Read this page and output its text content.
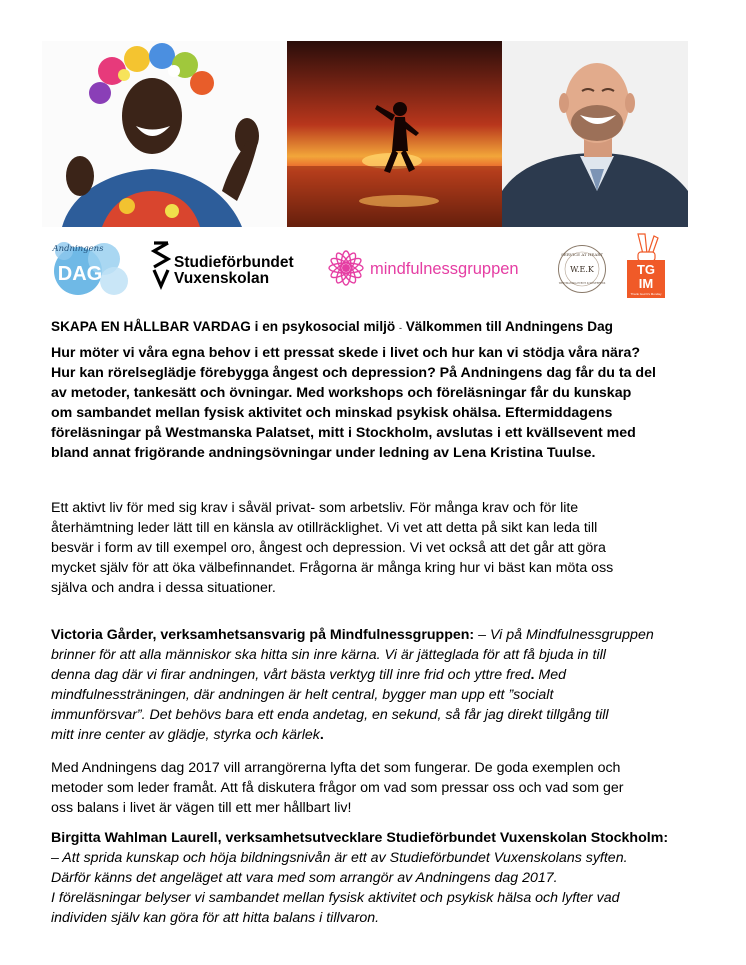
Andningens
DAG
Studieförbundet
Vuxenskolan
mindfulnessgruppen
SERVICE AT HEART
W.E.K
WESTMANSKA EVENT & KONFERENS
TG
IM
Thank God It's Monday
SKAPA EN HÅLLBAR VARDAG i en psykosocial miljö - Välkommen till Andningens Dag
Hur möter vi våra egna behov i ett pressat skede i livet och hur kan vi stödja våra nära?
Hur kan rörelseglädje förebygga ångest och depression? På Andningens dag får du ta del
av metoder, tankesätt och övningar. Med workshops och föreläsningar får du kunskap
om sambandet mellan fysisk aktivitet och minskad psykisk ohälsa. Eftermiddagens
föreläsningar på Westmanska Palatset, mitt i Stockholm, avslutas i ett kvällsevent med
bland annat frigörande andningsövningar under ledning av Lena Kristina Tuulse.
Ett aktivt liv för med sig krav i såväl privat- som arbetsliv. För många krav och för lite
återhämtning leder lätt till en känsla av otillräcklighet. Vi vet att detta på sikt kan leda till
besvär i form av till exempel oro, ångest och depression. Vi vet också att det går att göra
mycket själv för att öka välbefinnandet. Frågorna är många kring hur vi bäst kan möta oss
själva och andra i dessa situationer.
Victoria Gårder, verksamhetsansvarig på Mindfulnessgruppen: – Vi på Mindfulnessgruppen
brinner för att alla människor ska hitta sin inre kärna. Vi är jätteglada för att få bjuda in till
denna dag där vi firar andningen, vårt bästa verktyg till inre frid och yttre fred. Med
mindfulnessträningen, där andningen är helt central, bygger man upp ett ”socialt
immunförsvar”. Det behövs bara ett enda andetag, en sekund, så får jag direkt tillgång till
mitt inre center av glädje, styrka och kärlek.
Med Andningens dag 2017 vill arrangörerna lyfta det som fungerar. De goda exemplen och
metoder som leder framåt. Att få diskutera frågor om vad som pressar oss och vad som ger
oss balans i livet är vägen till ett mer hållbart liv!
Birgitta Wahlman Laurell, verksamhetsutvecklare Studieförbundet Vuxenskolan Stockholm:
– Att sprida kunskap och höja bildningsnivån är ett av Studieförbundet Vuxenskolans syften.
Därför känns det angeläget att vara med som arrangör av Andningens dag 2017.
I föreläsningar belyser vi sambandet mellan fysisk aktivitet och psykisk hälsa och lyfter vad
individen själv kan göra för att hitta balans i tillvaron.
